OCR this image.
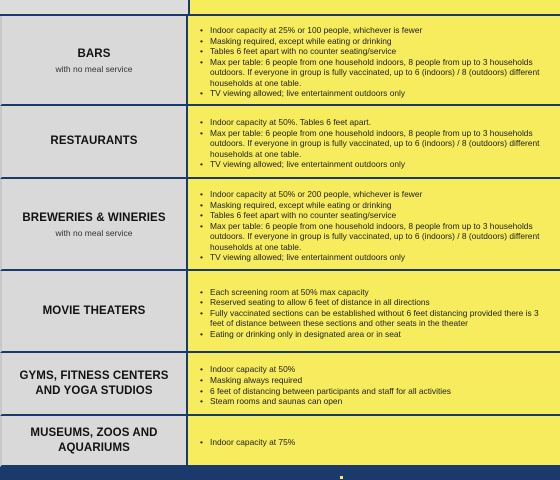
BARS
with no meal service
• Indoor capacity at 25% or 100 people, whichever is fewer
• Masking required, except while eating or drinking
• Tables 6 feet apart with no counter seating/service
• Max per table: 6 people from one household indoors, 8 people from up to 3 households outdoors. If everyone in group is fully vaccinated, up to 6 (indoors) / 8 (outdoors) different households at one table.
• TV viewing allowed; live entertainment outdoors only
RESTAURANTS
• Indoor capacity at 50%. Tables 6 feet apart.
• Max per table: 6 people from one household indoors, 8 people from up to 3 households outdoors. If everyone in group is fully vaccinated, up to 6 (indoors) / 8 (outdoors) different households at one table.
• TV viewing allowed; live entertainment outdoors only
BREWERIES & WINERIES
with no meal service
• Indoor capacity at 50% or 200 people, whichever is fewer
• Masking required, except while eating or drinking
• Tables 6 feet apart with no counter seating/service
• Max per table: 6 people from one household indoors, 8 people from up to 3 households outdoors. If everyone in group is fully vaccinated, up to 6 (indoors) / 8 (outdoors) different households at one table.
• TV viewing allowed; live entertainment outdoors only
MOVIE THEATERS
• Each screening room at 50% max capacity
• Reserved seating to allow 6 feet of distance in all directions
• Fully vaccinated sections can be established without 6 feet distancing provided there is 3 feet of distance between these sections and other seats in the theater
• Eating or drinking only in designated area or in seat
GYMS, FITNESS CENTERS AND YOGA STUDIOS
• Indoor capacity at 50%
• Masking always required
• 6 feet of distancing between participants and staff for all activities
• Steam rooms and saunas can open
MUSEUMS, ZOOS AND AQUARIUMS
•	Indoor capacity at 75%
